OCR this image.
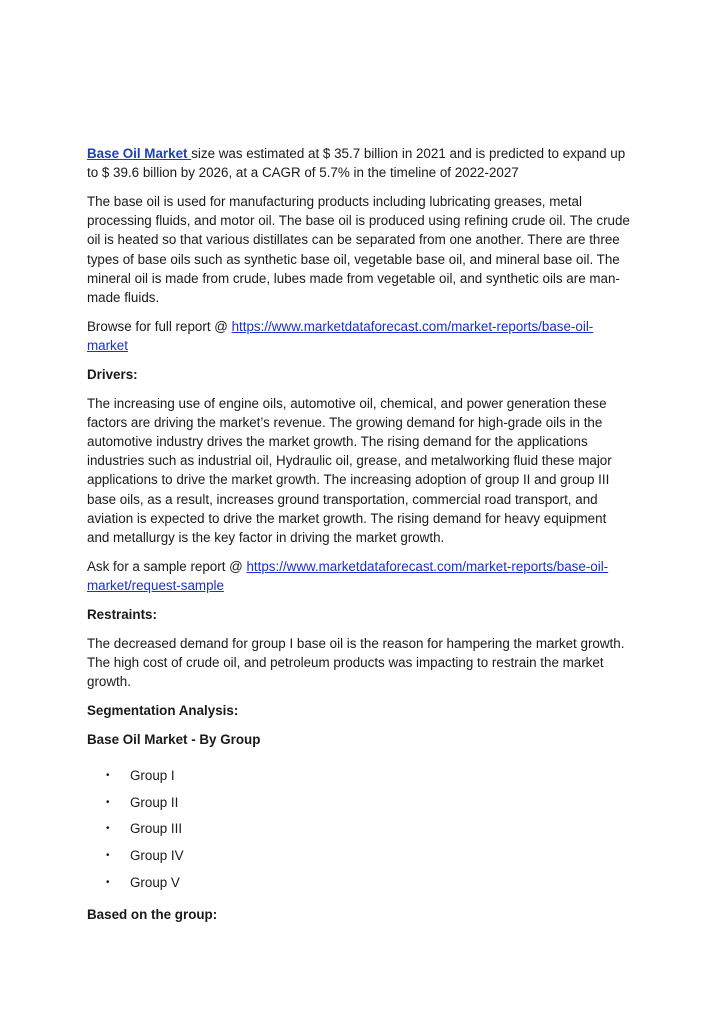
Base Oil Market size was estimated at $ 35.7 billion in 2021 and is predicted to expand up to $ 39.6 billion by 2026, at a CAGR of 5.7% in the timeline of 2022-2027

The base oil is used for manufacturing products including lubricating greases, metal processing fluids, and motor oil. The base oil is produced using refining crude oil. The crude oil is heated so that various distillates can be separated from one another. There are three types of base oils such as synthetic base oil, vegetable base oil, and mineral base oil. The mineral oil is made from crude, lubes made from vegetable oil, and synthetic oils are man-made fluids.

Browse for full report @ https://www.marketdataforecast.com/market-reports/base-oil-market

Drivers:

The increasing use of engine oils, automotive oil, chemical, and power generation these factors are driving the market’s revenue. The growing demand for high-grade oils in the automotive industry drives the market growth. The rising demand for the applications industries such as industrial oil, Hydraulic oil, grease, and metalworking fluid these major applications to drive the market growth. The increasing adoption of group II and group III base oils, as a result, increases ground transportation, commercial road transport, and aviation is expected to drive the market growth. The rising demand for heavy equipment and metallurgy is the key factor in driving the market growth.

Ask for a sample report @ https://www.marketdataforecast.com/market-reports/base-oil-market/request-sample

Restraints:

The decreased demand for group I base oil is the reason for hampering the market growth. The high cost of crude oil, and petroleum products was impacting to restrain the market growth.

Segmentation Analysis:

Base Oil Market - By Group

• Group I
• Group II
• Group III
• Group IV
• Group V

Based on the group:
